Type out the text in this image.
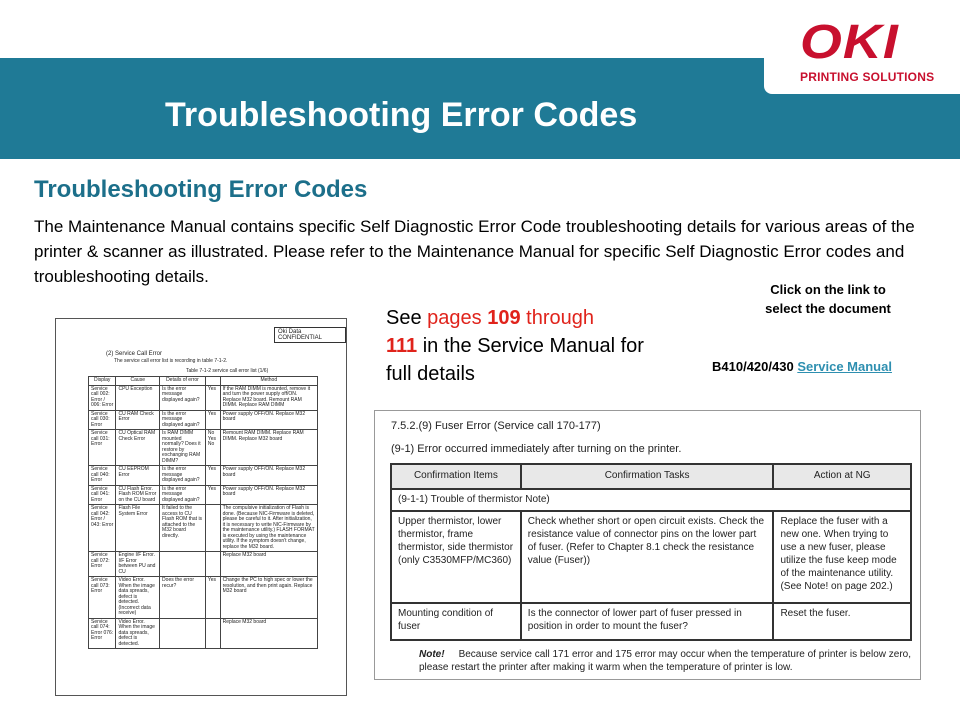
Troubleshooting Error Codes
OKI
PRINTING SOLUTIONS
Troubleshooting Error Codes
The Maintenance Manual contains specific Self Diagnostic Error Code troubleshooting details for various areas of the printer & scanner as illustrated. Please refer to the Maintenance Manual for specific Self Diagnostic Error codes and troubleshooting details.
Click on the link to select the document
B410/420/430 Service Manual
See pages 109 through
111 in the Service Manual for full details
Oki Data CONFIDENTIAL
(2) Service Call Error
The service call error list is recording in table 7-1-2.
Table 7-1-2 service call error list (1/6)
Display	Cause	Details of error		Method
Service call 002: Error / 006: Error	CPU Exception	Is the error message displayed again?	Yes	If the RAM DIMM is mounted, remove it and turn the power supply off/ON. Replace M32 board. Remount RAM DIMM. Replace RAM DIMM
Service call 030: Error	CU RAM Check Error	Is the error message displayed again?	Yes	Power supply OFF/ON. Replace M32 board
Service call 031: Error	CU Optical RAM Check Error	Is RAM DIMM mounted normally? Does it restore by exchanging RAM DIMM?	No Yes No	Remount RAM DIMM. Replace RAM DIMM. Replace M32 board
Service call 040: Error	CU EEPROM Error	Is the error message displayed again?	Yes	Power supply OFF/ON. Replace M32 board
Service call 041: Error	CU Flash Error. Flash ROM Error on the CU board	Is the error message displayed again?	Yes	Power supply OFF/ON. Replace M32 board
Service call 042: Error / 043: Error	Flash File System Error	It failed to the access to CU Flash ROM that is attached to the M32 board directly.		The compulsive initialization of Flash is done. (Because NIC-Firmware is deleted, please be careful to it. After initialization, it is necessary to write NIC-Firmware by the maintenance utility.) FLASH FORMAT is executed by using the maintenance utility. If the symptom doesn't change, replace the M32 board.
Service call 072: Error	Engine I/F Error. I/F Error between PU and CU			Replace M32 board
Service call 073: Error	Video Error. When the image data spreads, defect is detected. (Incorrect data receive)	Does the error recur?	Yes	Change the PC to high spec or lower the resolution, and then print again. Replace M32 board
Service call 074: Error 076: Error	Video Error. When the image data spreads, defect is detected.			Replace M32 board
7.5.2.(9) Fuser Error (Service call 170-177)
(9-1) Error occurred immediately after turning on the printer.
Confirmation Items	Confirmation Tasks	Action at NG
(9-1-1) Trouble of thermistor Note)		
Upper thermistor, lower thermistor, frame thermistor, side thermistor (only C3530MFP/MC360)	Check whether short or open circuit exists. Check the resistance value of connector pins on the lower part of fuser. (Refer to Chapter 8.1 check the resistance value (Fuser))	Replace the fuser with a new one. When trying to use a new fuser, please utilize the fuse keep mode of the maintenance utility. (See Note! on page 202.)
Mounting condition of fuser	Is the connector of lower part of fuser pressed in position in order to mount the fuser?	Reset the fuser.
Note! Because service call 171 error and 175 error may occur when the temperature of printer is below zero, please restart the printer after making it warm when the temperature of printer is low.
